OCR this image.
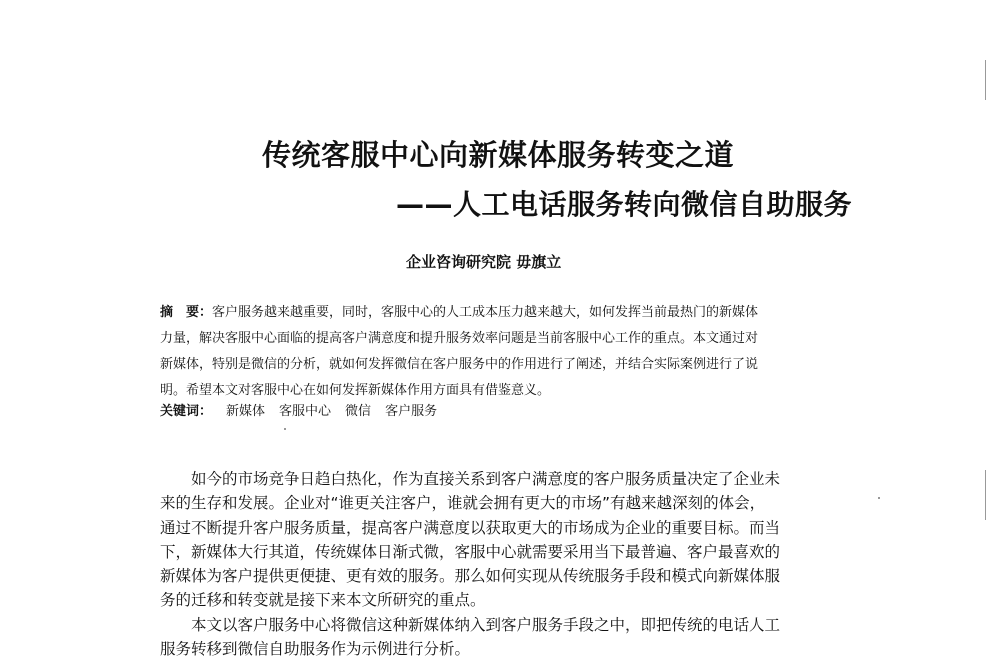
传统客服中心向新媒体服务转变之道
——人工电话服务转向微信自助服务
企业咨询研究院 毋旗立
摘　要：客户服务越来越重要，同时，客服中心的人工成本压力越来越大，如何发挥当前最热门的新媒体
力量，解决客服中心面临的提高客户满意度和提升服务效率问题是当前客服中心工作的重点。本文通过对
新媒体，特别是微信的分析，就如何发挥微信在客户服务中的作用进行了阐述，并结合实际案例进行了说
明。希望本文对客服中心在如何发挥新媒体作用方面具有借鉴意义。
关键词： 新媒体 客服中心 微信 客户服务
如今的市场竞争日趋白热化，作为直接关系到客户满意度的客户服务质量决定了企业未
来的生存和发展。企业对“谁更关注客户，谁就会拥有更大的市场”有越来越深刻的体会，
通过不断提升客户服务质量，提高客户满意度以获取更大的市场成为企业的重要目标。而当
下，新媒体大行其道，传统媒体日渐式微，客服中心就需要采用当下最普遍、客户最喜欢的
新媒体为客户提供更便捷、更有效的服务。那么如何实现从传统服务手段和模式向新媒体服
务的迁移和转变就是接下来本文所研究的重点。
本文以客户服务中心将微信这种新媒体纳入到客户服务手段之中，即把传统的电话人工
服务转移到微信自助服务作为示例进行分析。
